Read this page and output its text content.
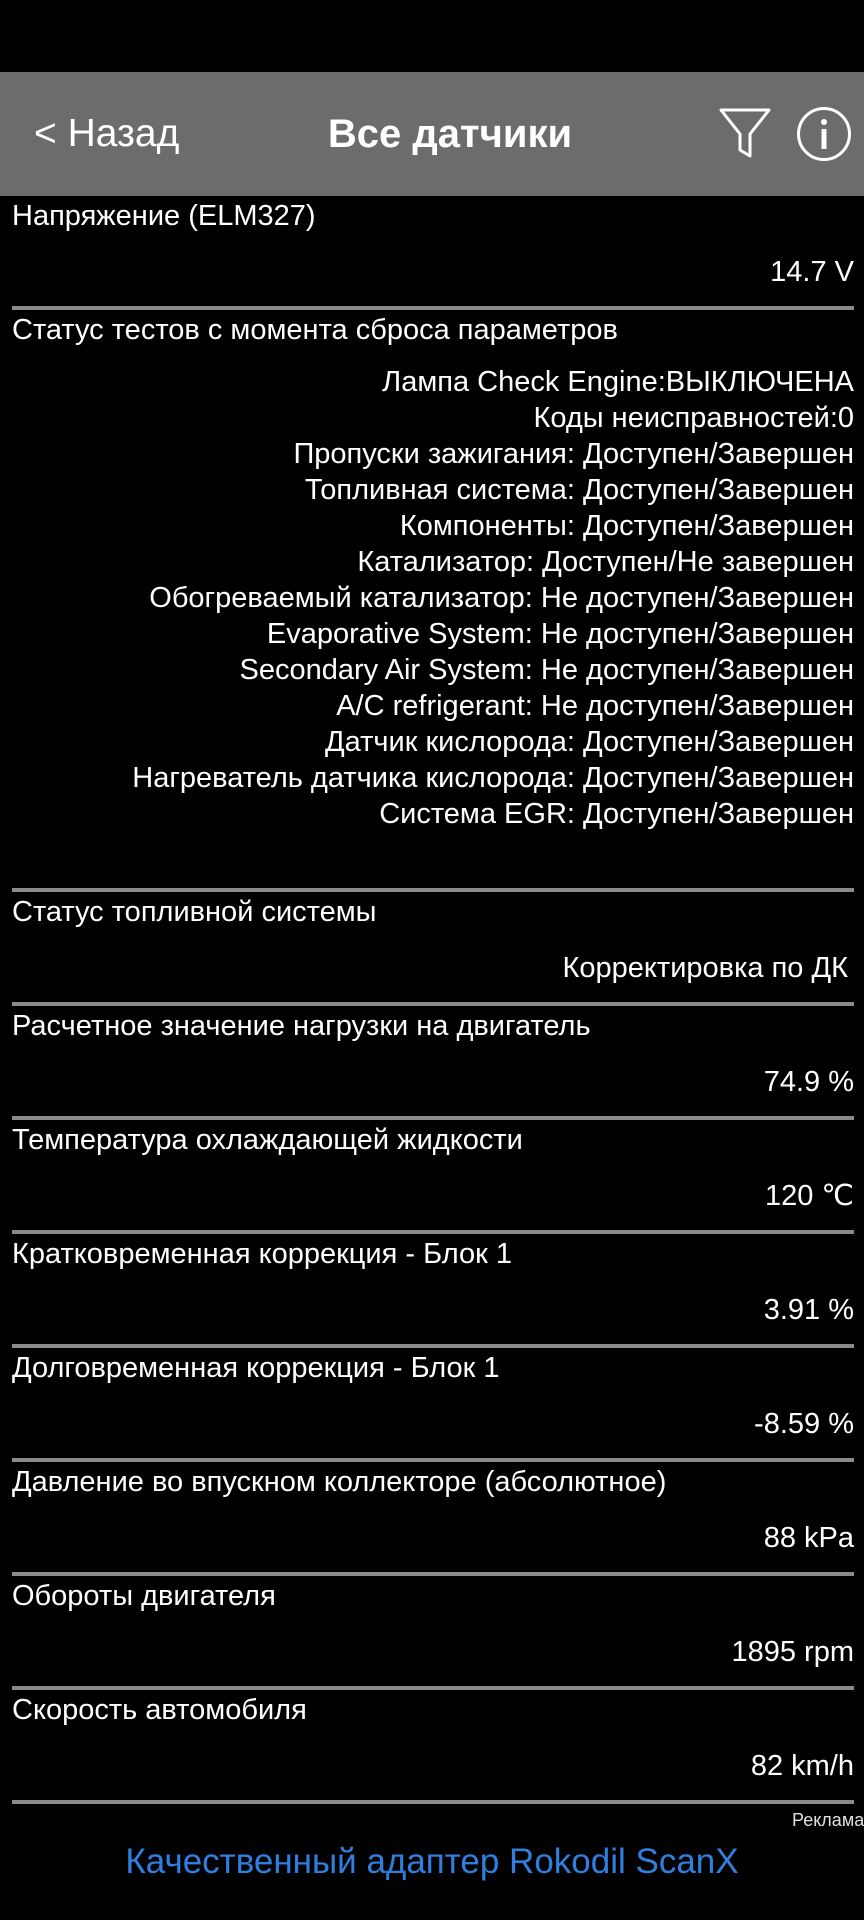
< Назад	Все датчики
Напряжение (ELM327)
14.7 V
Статус тестов с момента сброса параметров
Лампа Check Engine:ВЫКЛЮЧЕНА
Коды неисправностей:0
Пропуски зажигания: Доступен/Завершен
Топливная система: Доступен/Завершен
Компоненты: Доступен/Завершен
Катализатор: Доступен/Не завершен
Обогреваемый катализатор: Не доступен/Завершен
Evaporative System: Не доступен/Завершен
Secondary Air System: Не доступен/Завершен
A/C refrigerant: Не доступен/Завершен
Датчик кислорода: Доступен/Завершен
Нагреватель датчика кислорода: Доступен/Завершен
Система EGR: Доступен/Завершен
Статус топливной системы
Корректировка по ДК
Расчетное значение нагрузки на двигатель
74.9 %
Температура охлаждающей жидкости
120 ℃
Кратковременная коррекция - Блок 1
3.91 %
Долговременная коррекция - Блок 1
-8.59 %
Давление во впускном коллекторе (абсолютное)
88 kPa
Обороты двигателя
1895 rpm
Скорость автомобиля
82 km/h
Реклама
Качественный адаптер Rokodil ScanX
